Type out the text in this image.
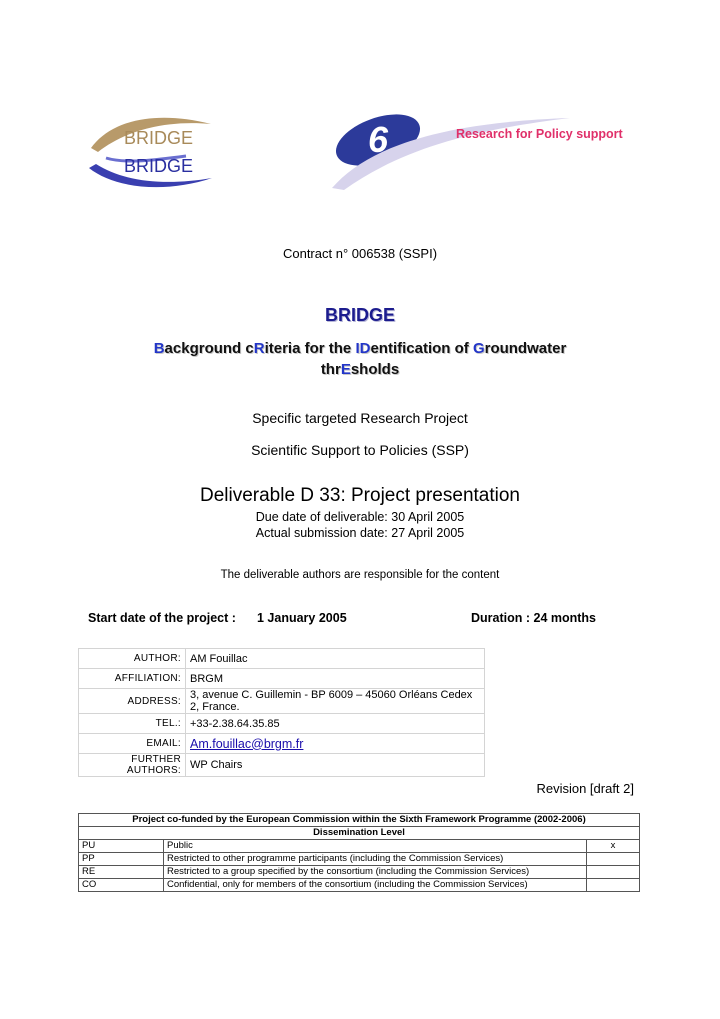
BRIDGE
BRIDGE
6	Research for Policy support
Contract n° 006538 (SSPI)
BRIDGE
Background cRiteria for the IDentification of Groundwater
thrEsholds
Specific targeted Research Project
Scientific Support to Policies (SSP)
Deliverable D 33: Project presentation
Due date of deliverable: 30 April 2005
Actual submission date: 27 April 2005
The deliverable authors are responsible for the content
Start date of the project : 1 January 2005	Duration : 24 months
AUTHOR:	AM Fouillac
AFFILIATION:	BRGM
ADDRESS:	3, avenue C. Guillemin - BP 6009 – 45060 Orléans Cedex 2, France.
TEL.:	+33-2.38.64.35.85
EMAIL:	Am.fouillac@brgm.fr
FURTHER AUTHORS:	WP Chairs
Revision [draft 2]
Project co-funded by the European Commission within the Sixth Framework Programme (2002-2006)		
Dissemination Level		
PU	Public	x
PP	Restricted to other programme participants (including the Commission Services)	
RE	Restricted to a group specified by the consortium (including the Commission Services)	
CO	Confidential, only for members of the consortium (including the Commission Services)	
